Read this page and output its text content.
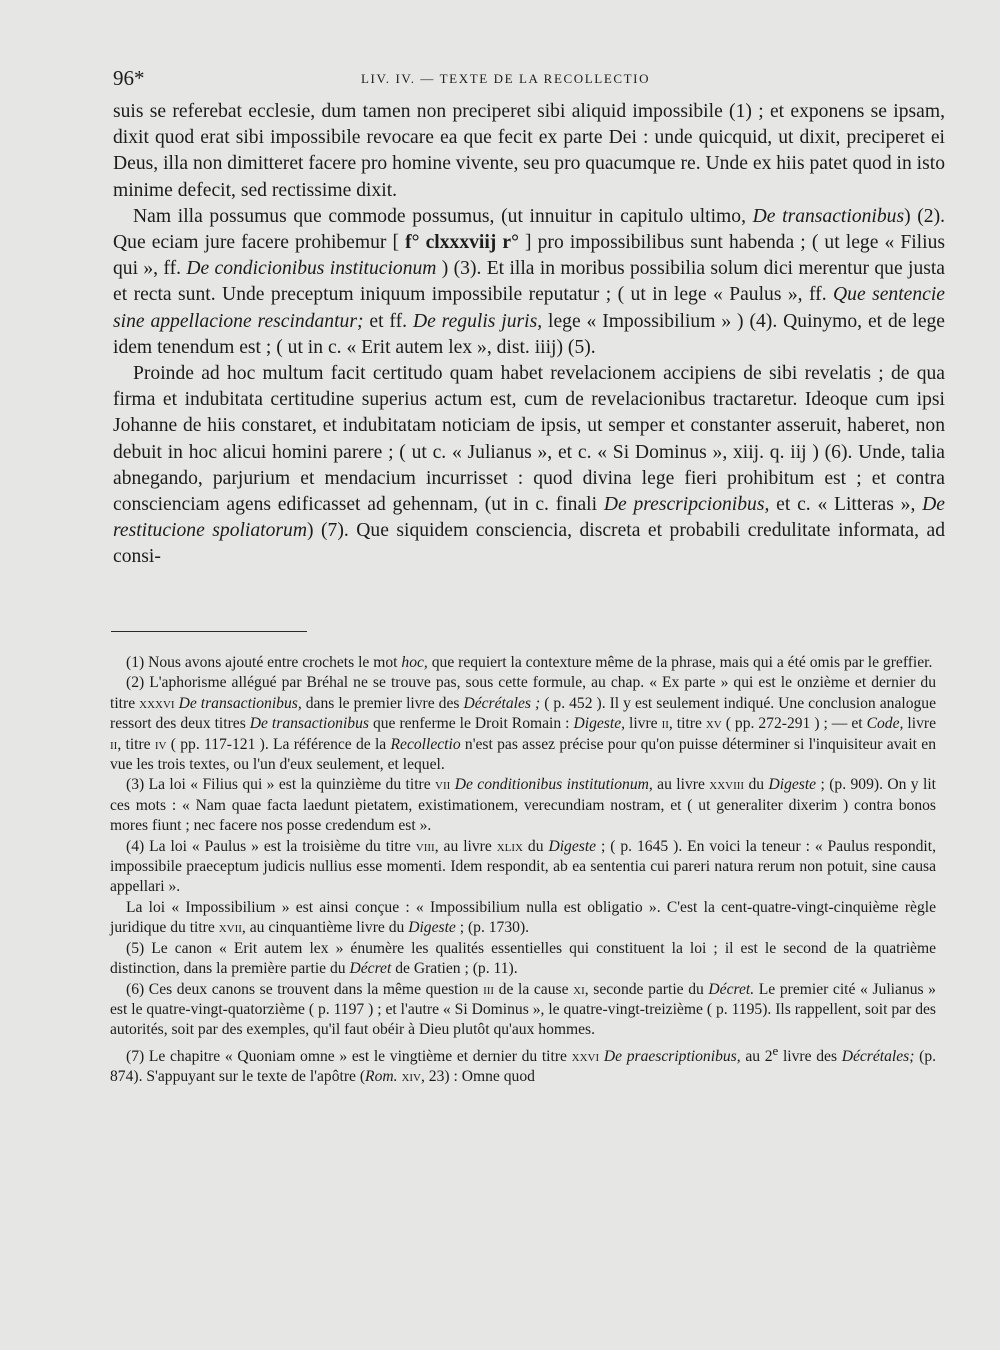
96*	LIV. IV. — TEXTE DE LA RECOLLECTIO

suis se referebat ecclesie, dum tamen non preciperet sibi aliquid impossibile (1) ; et exponens se ipsam, dixit quod erat sibi impossibile revocare ea que fecit ex parte Dei : unde quicquid, ut dixit, preciperet ei Deus, illa non dimitteret facere pro homine vivente, seu pro quacumque re. Unde ex hiis patet quod in isto minime defecit, sed rectissime dixit.

Nam illa possumus que commode possumus, (ut innuitur in capitulo ultimo, De transactionibus) (2). Que eciam jure facere prohibemur [ f° clxxxviij r° ] pro impossibilibus sunt habenda ; ( ut lege « Filius qui », ff. De condicionibus institucionum ) (3). Et illa in moribus possibilia solum dici merentur que justa et recta sunt. Unde preceptum iniquum impossibile reputatur ; ( ut in lege « Paulus », ff. Que sentencie sine appellacione rescindantur; et ff. De regulis juris, lege « Impossibilium » ) (4). Quinymo, et de lege idem tenendum est ; ( ut in c. « Erit autem lex », dist. iiij) (5).

Proinde ad hoc multum facit certitudo quam habet revelacionem accipiens de sibi revelatis ; de qua firma et indubitata certitudine superius actum est, cum de revelacionibus tractaretur. Ideoque cum ipsi Johanne de hiis constaret, et indubitatam noticiam de ipsis, ut semper et constanter asseruit, haberet, non debuit in hoc alicui homini parere ; ( ut c. « Julianus », et c. « Si Dominus », xiij. q. iij ) (6). Unde, talia abnegando, parjurium et mendacium incurrisset : quod divina lege fieri prohibitum est ; et contra conscienciam agens edificasset ad gehennam, (ut in c. finali De prescripcionibus, et c. « Litteras », De restitucione spoliatorum) (7). Que siquidem consciencia, discreta et probabili credulitate informata, ad consi-

(1) Nous avons ajouté entre crochets le mot hoc, que requiert la contexture même de la phrase, mais qui a été omis par le greffier.

(2) L'aphorisme allégué par Bréhal ne se trouve pas, sous cette formule, au chap. « Ex parte » qui est le onzième et dernier du titre xxxvi De transactionibus, dans le premier livre des Décrétales ; ( p. 452 ). Il y est seulement indiqué. Une conclusion analogue ressort des deux titres De transactionibus que renferme le Droit Romain : Digeste, livre ii, titre xv ( pp. 272-291 ) ; — et Code, livre ii, titre iv ( pp. 117-121 ). La référence de la Recollectio n'est pas assez précise pour qu'on puisse déterminer si l'inquisiteur avait en vue les trois textes, ou l'un d'eux seulement, et lequel.

(3) La loi « Filius qui » est la quinzième du titre vii De conditionibus institutionum, au livre xxviii du Digeste ; (p. 909). On y lit ces mots : « Nam quae facta laedunt pietatem, existimationem, verecundiam nostram, et ( ut generaliter dixerim ) contra bonos mores fiunt ; nec facere nos posse credendum est ».

(4) La loi « Paulus » est la troisième du titre viii, au livre xlix du Digeste ; ( p. 1645 ). En voici la teneur : « Paulus respondit, impossibile praeceptum judicis nullius esse momenti. Idem respondit, ab ea sententia cui pareri natura rerum non potuit, sine causa appellari ».

La loi « Impossibilium » est ainsi conçue : « Impossibilium nulla est obligatio ». C'est la cent-quatre-vingt-cinquième règle juridique du titre xvii, au cinquantième livre du Digeste ; (p. 1730).

(5) Le canon « Erit autem lex » énumère les qualités essentielles qui constituent la loi ; il est le second de la quatrième distinction, dans la première partie du Décret de Gratien ; (p. 11).

(6) Ces deux canons se trouvent dans la même question iii de la cause xi, seconde partie du Décret. Le premier cité « Julianus » est le quatre-vingt-quatorzième ( p. 1197 ) ; et l'autre « Si Dominus », le quatre-vingt-treizième ( p. 1195). Ils rappellent, soit par des autorités, soit par des exemples, qu'il faut obéir à Dieu plutôt qu'aux hommes.

(7) Le chapitre « Quoniam omne » est le vingtième et dernier du titre xxvi De praescriptionibus, au 2e livre des Décrétales; (p. 874). S'appuyant sur le texte de l'apôtre (Rom. xiv, 23) : Omne quod
